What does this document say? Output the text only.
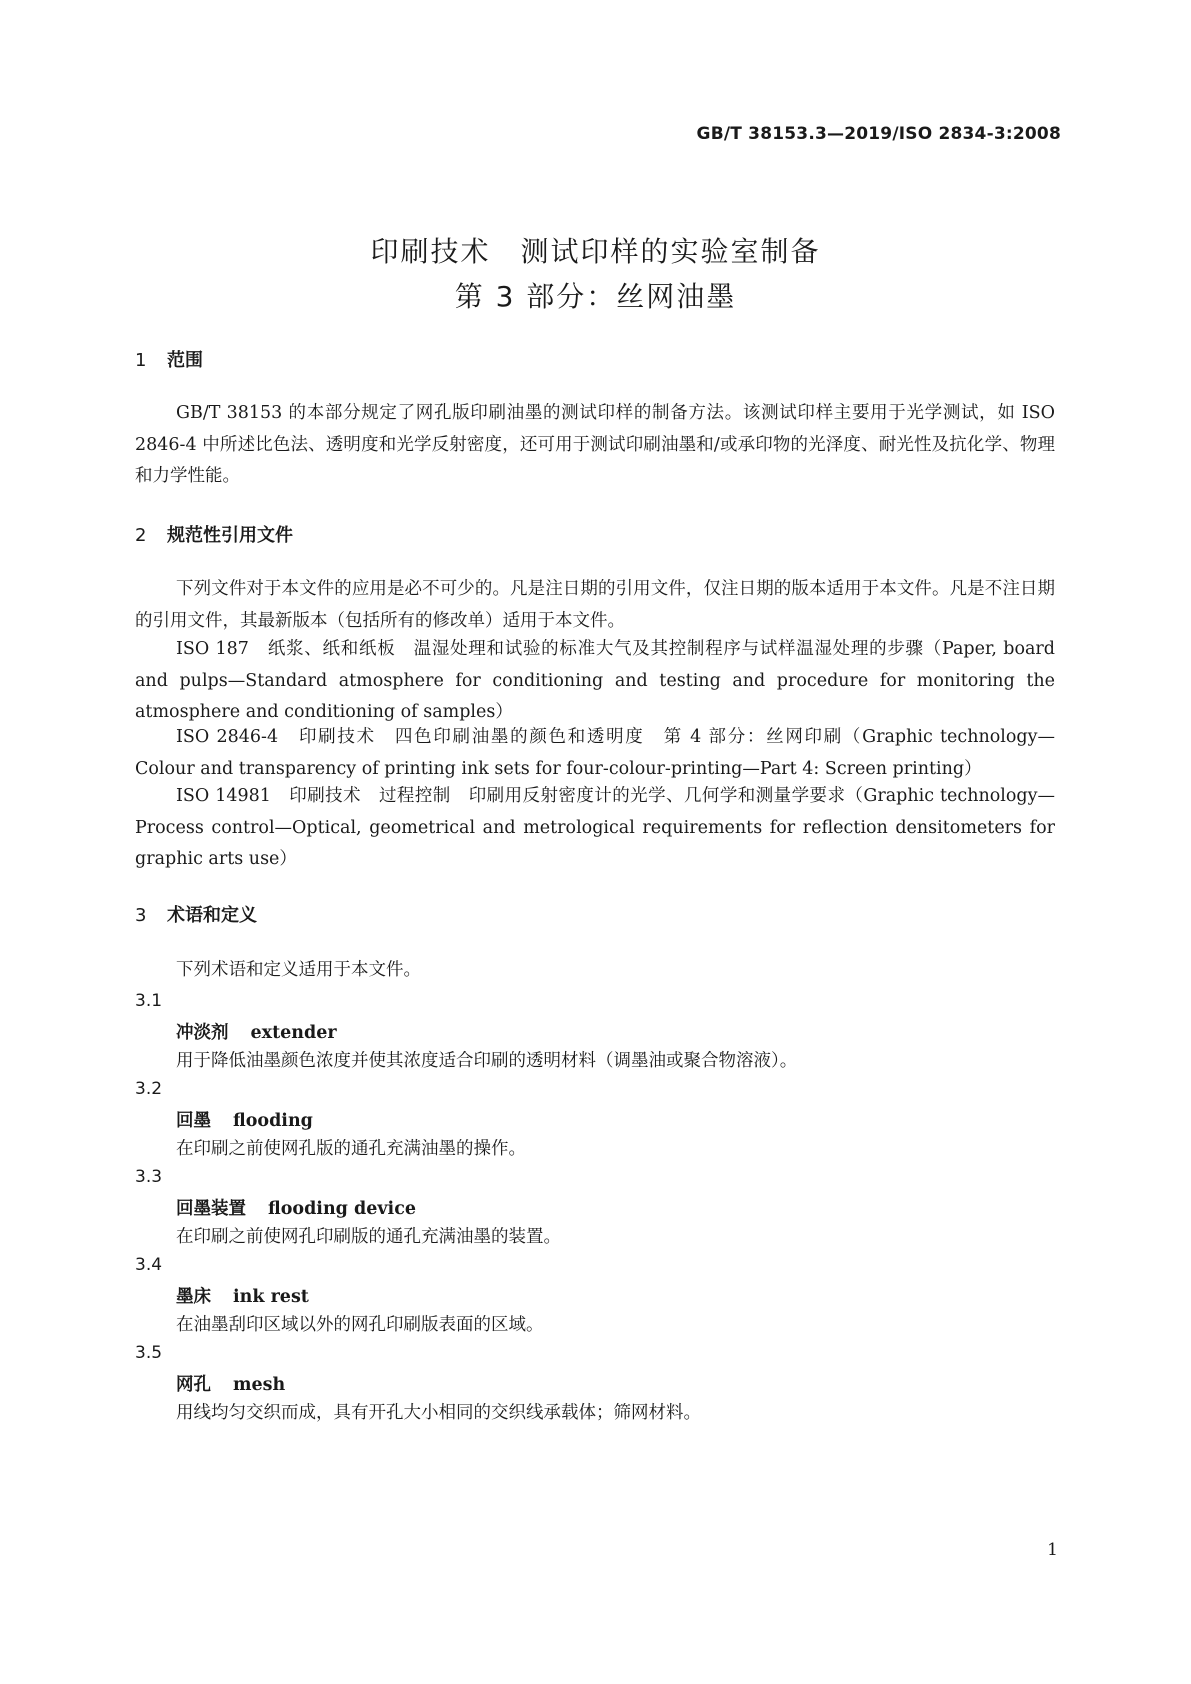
GB/T 38153.3—2019/ISO 2834-3:2008
印刷技术　测试印样的实验室制备
第 3 部分：丝网油墨
1 范围
GB/T 38153 的本部分规定了网孔版印刷油墨的测试印样的制备方法。该测试印样主要用于光学测试，如 ISO 2846-4 中所述比色法、透明度和光学反射密度，还可用于测试印刷油墨和/或承印物的光泽度、耐光性及抗化学、物理和力学性能。
2 规范性引用文件
下列文件对于本文件的应用是必不可少的。凡是注日期的引用文件，仅注日期的版本适用于本文件。凡是不注日期的引用文件，其最新版本（包括所有的修改单）适用于本文件。
ISO 187　纸浆、纸和纸板　温湿处理和试验的标准大气及其控制程序与试样温湿处理的步骤（Paper, board and pulps—Standard atmosphere for conditioning and testing and procedure for monitoring the atmosphere and conditioning of samples）
ISO 2846-4　印刷技术　四色印刷油墨的颜色和透明度　第 4 部分：丝网印刷（Graphic technology—Colour and transparency of printing ink sets for four-colour-printing—Part 4: Screen printing）
ISO 14981　印刷技术　过程控制　印刷用反射密度计的光学、几何学和测量学要求（Graphic technology—Process control—Optical, geometrical and metrological requirements for reflection densitometers for graphic arts use）
3 术语和定义
下列术语和定义适用于本文件。
3.1
冲淡剂 extender
用于降低油墨颜色浓度并使其浓度适合印刷的透明材料（调墨油或聚合物溶液）。
3.2
回墨 flooding
在印刷之前使网孔版的通孔充满油墨的操作。
3.3
回墨装置 flooding device
在印刷之前使网孔印刷版的通孔充满油墨的装置。
3.4
墨床 ink rest
在油墨刮印区域以外的网孔印刷版表面的区域。
3.5
网孔 mesh
用线均匀交织而成，具有开孔大小相同的交织线承载体；筛网材料。
1
